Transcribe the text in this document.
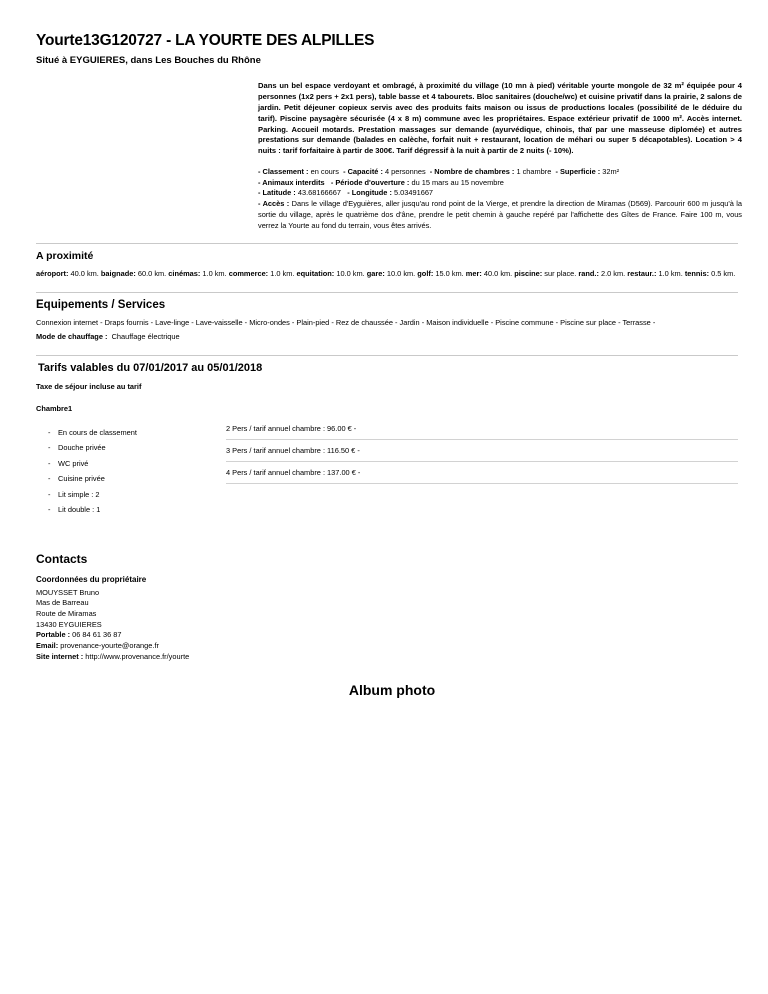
Yourte13G120727 - LA YOURTE DES ALPILLES
Situé à EYGUIERES, dans Les Bouches du Rhône
Dans un bel espace verdoyant et ombragé, à proximité du village (10 mn à pied) véritable yourte mongole de 32 m² équipée pour 4 personnes (1x2 pers + 2x1 pers), table basse et 4 tabourets. Bloc sanitaires (douche/wc) et cuisine privatif dans la prairie, 2 salons de jardin. Petit déjeuner copieux servis avec des produits faits maison ou issus de productions locales (possibilité de le déduire du tarif). Piscine paysagère sécurisée (4 x 8 m) commune avec les propriétaires. Espace extérieur privatif de 1000 m². Accès internet. Parking. Accueil motards. Prestation massages sur demande (ayurvédique, chinois, thaï par une masseuse diplomée) et autres prestations sur demande (balades en calèche, forfait nuit + restaurant, location de méhari ou super 5 décapotables). Location > 4 nuits : tarif forfaitaire à partir de 300€. Tarif dégressif à la nuit à partir de 2 nuits (- 10%).
- Classement : en cours - Capacité : 4 personnes - Nombre de chambres : 1 chambre - Superficie : 32m²
- Animaux interdits - Période d'ouverture : du 15 mars au 15 novembre
- Latitude : 43.68166667 - Longitude : 5.03491667
- Accès : Dans le village d'Eyguières, aller jusqu'au rond point de la Vierge, et prendre la direction de Miramas (D569). Parcourir 600 m jusqu'à la sortie du village, après le quatrième dos d'âne, prendre le petit chemin à gauche repéré par l'affichette des Gîtes de France. Faire 100 m, vous verrez la Yourte au fond du terrain, vous êtes arrivés.
A proximité
aéroport: 40.0 km. baignade: 60.0 km. cinémas: 1.0 km. commerce: 1.0 km. equitation: 10.0 km. gare: 10.0 km. golf: 15.0 km. mer: 40.0 km. piscine: sur place. rand.: 2.0 km. restaur.: 1.0 km. tennis: 0.5 km.
Equipements / Services
Connexion internet - Draps fournis - Lave-linge - Lave-vaisselle - Micro-ondes - Plain-pied - Rez de chaussée - Jardin - Maison individuelle - Piscine commune - Piscine sur place - Terrasse -
Mode de chauffage : Chauffage électrique
Tarifs valables du 07/01/2017 au 05/01/2018
Taxe de séjour incluse au tarif
Chambre1
- En cours de classement
- Douche privée
- WC privé
- Cuisine privée
- Lit simple : 2
- Lit double : 1
2 Pers / tarif annuel chambre : 96.00 € -
3 Pers / tarif annuel chambre : 116.50 € -
4 Pers / tarif annuel chambre : 137.00 € -
Contacts
Coordonnées du propriétaire
MOUYSSET Bruno
Mas de Barreau
Route de Miramas
13430 EYGUIERES
Portable : 06 84 61 36 87
Email: provenance-yourte@orange.fr
Site internet : http://www.provenance.fr/yourte
Album photo
